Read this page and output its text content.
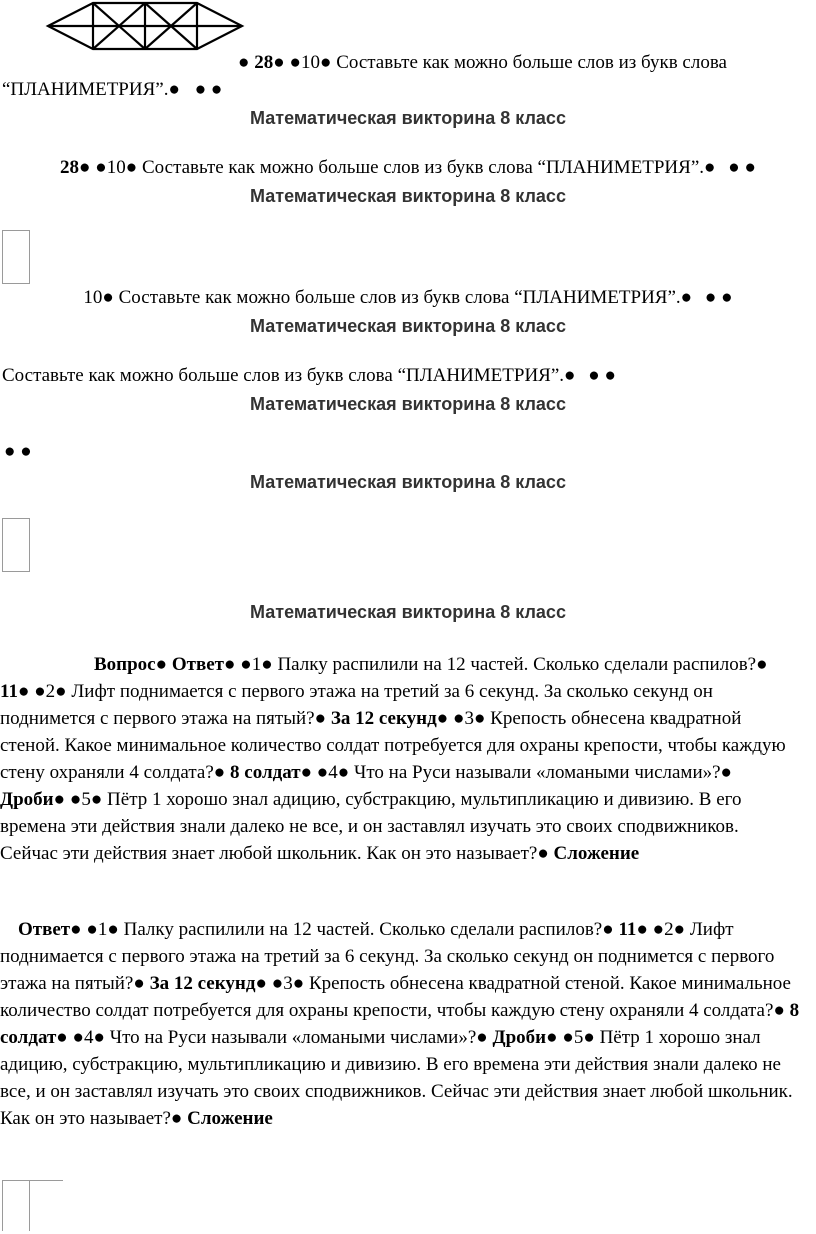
● 28● ●10● Составьте как можно больше слов из букв слова
“ПЛАНИМЕТРИЯ”.● ● ●
Математическая викторина 8 класс
28● ●10● Составьте как можно больше слов из букв слова “ПЛАНИМЕТРИЯ”.● ● ●
Математическая викторина 8 класс
10● Составьте как можно больше слов из букв слова “ПЛАНИМЕТРИЯ”.● ● ●
Математическая викторина 8 класс
Составьте как можно больше слов из букв слова “ПЛАНИМЕТРИЯ”.● ● ●
Математическая викторина 8 класс
● ●
Математическая викторина 8 класс
Математическая викторина 8 класс
Вопрос● Ответ● ●1● Палку распилили на 12 частей. Сколько сделали распилов?● 11● ●2● Лифт поднимается с первого этажа на третий за 6 секунд. За сколько секунд он поднимется с первого этажа на пятый?● За 12 секунд● ●3● Крепость обнесена квадратной стеной. Какое минимальное количество солдат потребуется для охраны крепости, чтобы каждую стену охраняли 4 солдата?● 8 солдат● ●4● Что на Руси называли «ломаными числами»?● Дроби● ●5● Пётр 1 хорошо знал адицию, субстракцию, мультипликацию и дивизию. В его времена эти действия знали далеко не все, и он заставлял изучать это своих сподвижников. Сейчас эти действия знает любой школьник. Как он это называет?● Сложение
Ответ● ●1● Палку распилили на 12 частей. Сколько сделали распилов?● 11● ●2● Лифт поднимается с первого этажа на третий за 6 секунд. За сколько секунд он поднимется с первого этажа на пятый?● За 12 секунд● ●3● Крепость обнесена квадратной стеной. Какое минимальное количество солдат потребуется для охраны крепости, чтобы каждую стену охраняли 4 солдата?● 8 солдат● ●4● Что на Руси называли «ломаными числами»?● Дроби● ●5● Пётр 1 хорошо знал адицию, субстракцию, мультипликацию и дивизию. В его времена эти действия знали далеко не все, и он заставлял изучать это своих сподвижников. Сейчас эти действия знает любой школьник. Как он это называет?● Сложение
